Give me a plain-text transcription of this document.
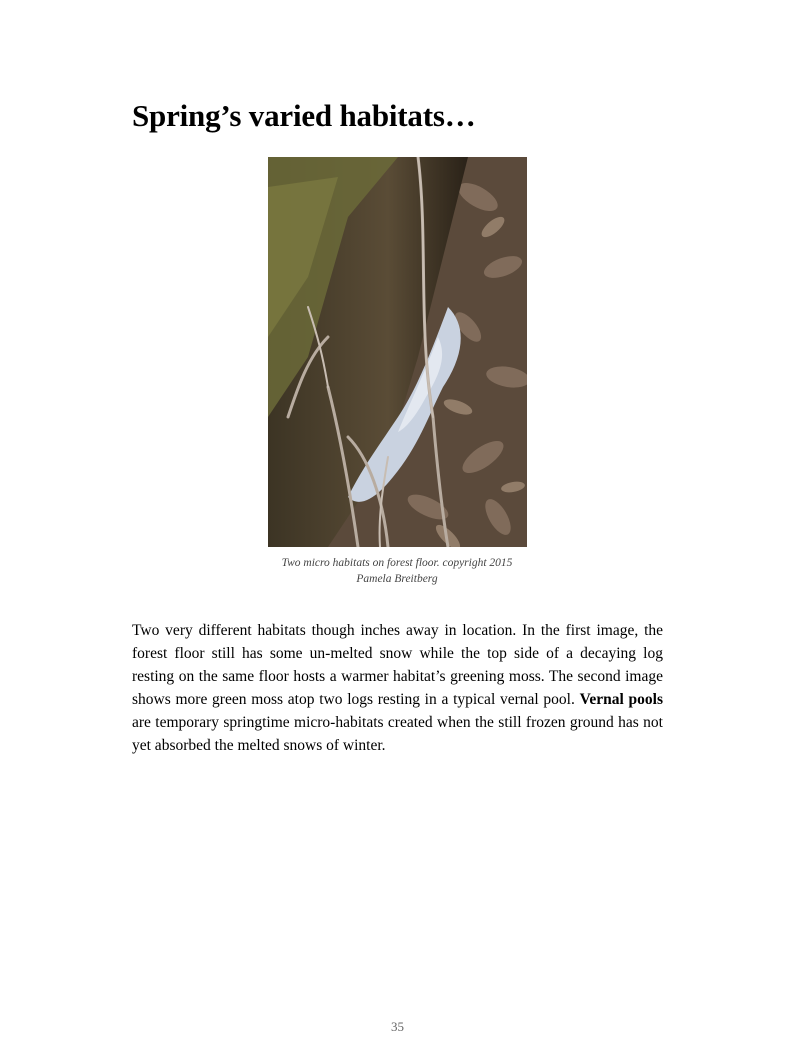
Spring’s varied habitats…
Two micro habitats on forest floor. copyright 2015
Pamela Breitberg

Two very different habitats though inches away in location. In the first image, the forest floor still has some un-melted snow while the top side of a decaying log resting on the same floor hosts a warmer habitat’s greening moss. The second image shows more green moss atop two logs resting in a typical vernal pool. Vernal pools are temporary springtime micro-habitats created when the still frozen ground has not yet absorbed the melted snows of winter.

35
